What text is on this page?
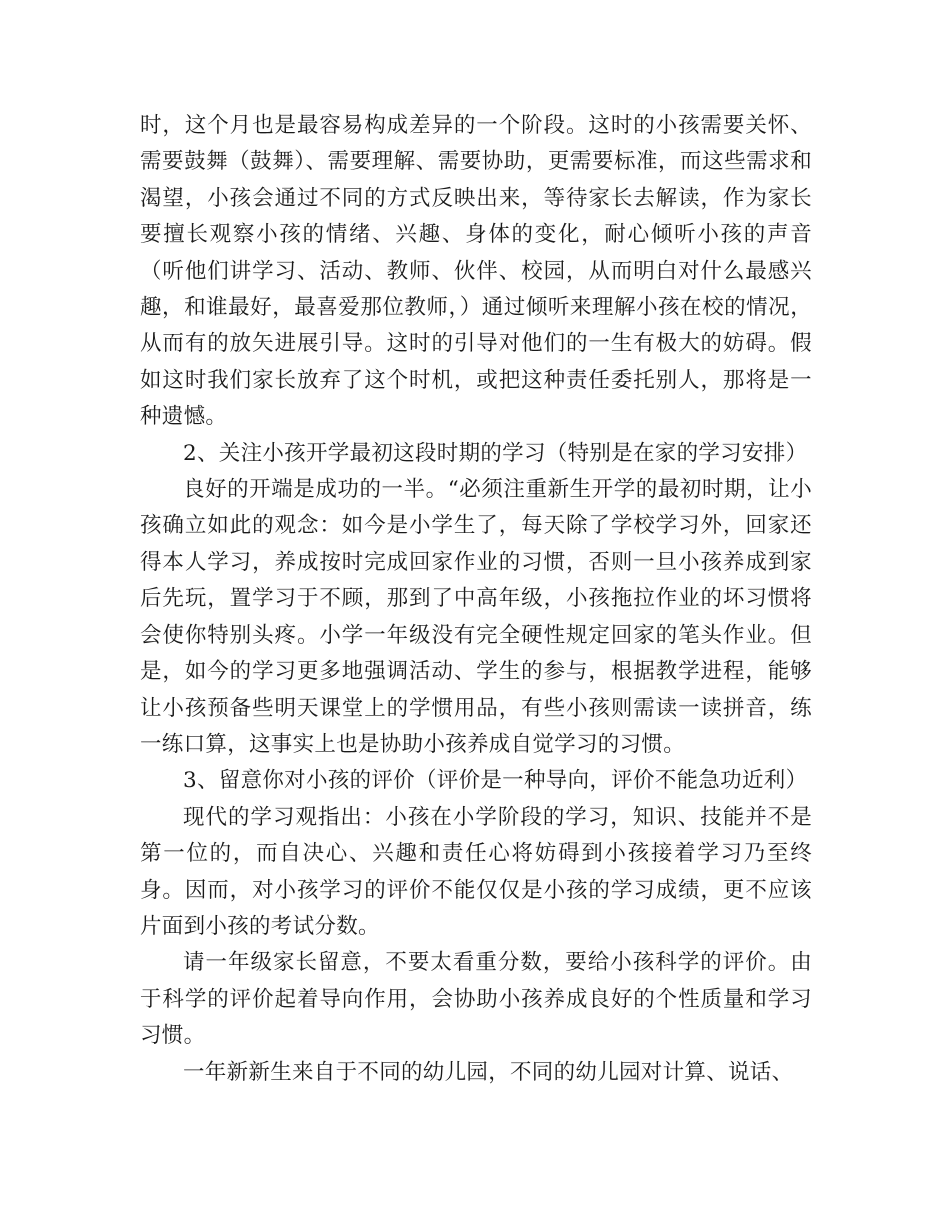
时，这个月也是最容易构成差异的一个阶段。这时的小孩需要关怀、需要鼓舞（鼓舞）、需要理解、需要协助，更需要标准，而这些需求和渴望，小孩会通过不同的方式反映出来，等待家长去解读，作为家长要擅长观察小孩的情绪、兴趣、身体的变化，耐心倾听小孩的声音（听他们讲学习、活动、教师、伙伴、校园，从而明白对什么最感兴趣，和谁最好，最喜爱那位教师，）通过倾听来理解小孩在校的情况，从而有的放矢进展引导。这时的引导对他们的一生有极大的妨碍。假如这时我们家长放弃了这个时机，或把这种责任委托别人，那将是一种遗憾。

2、关注小孩开学最初这段时期的学习（特别是在家的学习安排）

良好的开端是成功的一半。“必须注重新生开学的最初时期，让小孩确立如此的观念：如今是小学生了，每天除了学校学习外，回家还得本人学习，养成按时完成回家作业的习惯，否则一旦小孩养成到家后先玩，置学习于不顾，那到了中高年级，小孩拖拉作业的坏习惯将会使你特别头疼。小学一年级没有完全硬性规定回家的笔头作业。但是，如今的学习更多地强调活动、学生的参与，根据教学进程，能够让小孩预备些明天课堂上的学惯用品，有些小孩则需读一读拼音，练一练口算，这事实上也是协助小孩养成自觉学习的习惯。

3、留意你对小孩的评价（评价是一种导向，评价不能急功近利）

现代的学习观指出：小孩在小学阶段的学习，知识、技能并不是第一位的，而自决心、兴趣和责任心将妨碍到小孩接着学习乃至终身。因而，对小孩学习的评价不能仅仅是小孩的学习成绩，更不应该片面到小孩的考试分数。

请一年级家长留意，不要太看重分数，要给小孩科学的评价。由于科学的评价起着导向作用，会协助小孩养成良好的个性质量和学习习惯。

一年新新生来自于不同的幼儿园，不同的幼儿园对计算、说话、
